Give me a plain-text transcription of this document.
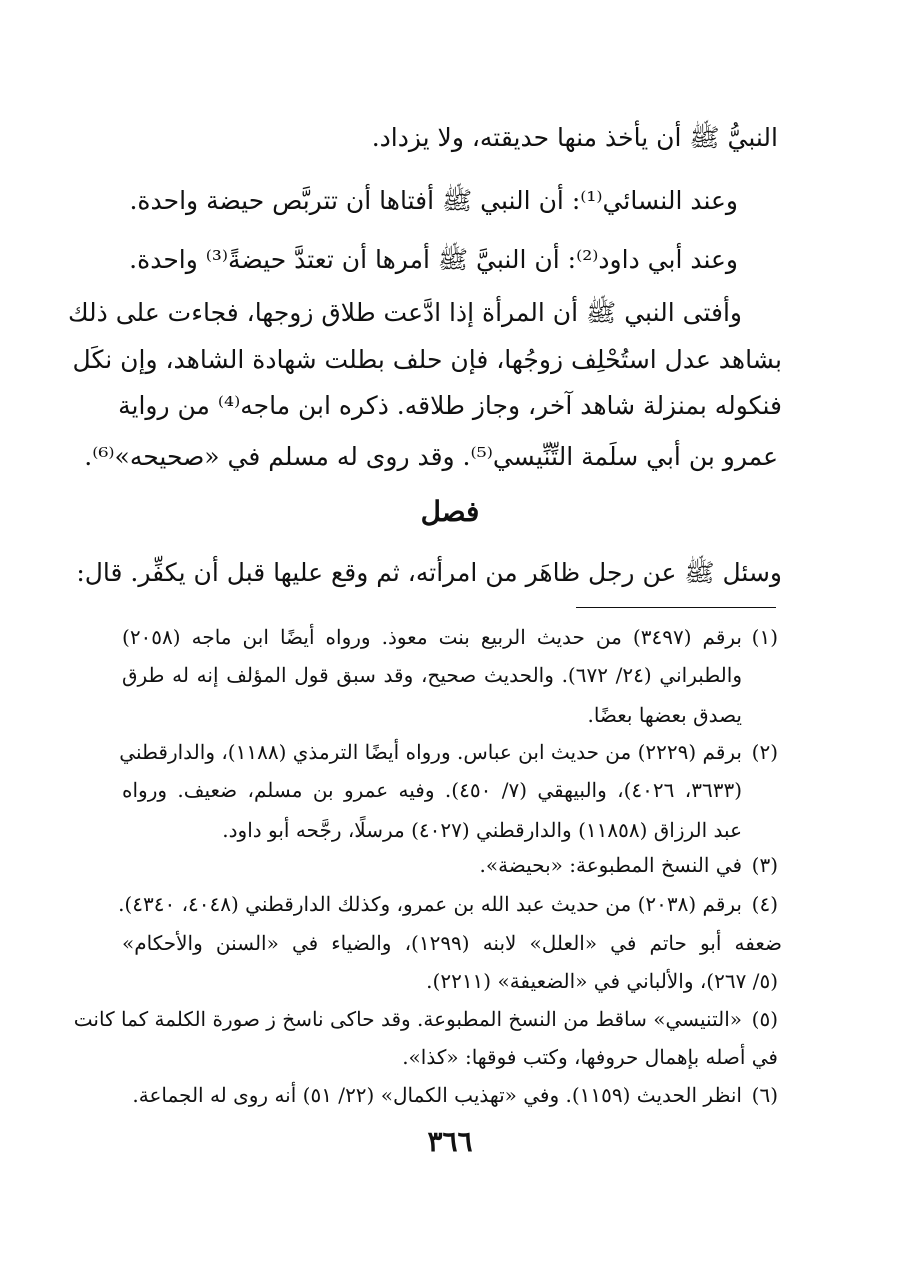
النبيُّ ﷺ أن يأخذ منها حديقته، ولا يزداد.
وعند النسائي⁽¹⁾: أن النبي ﷺ أفتاها أن تتربَّص حيضة واحدة.
وعند أبي داود⁽²⁾: أن النبيَّ ﷺ أمرها أن تعتدَّ حيضةً⁽³⁾ واحدة.
وأفتى النبي ﷺ أن المرأة إذا ادَّعت طلاق زوجها، فجاءت على ذلك
بشاهد عدل استُحْلِف زوجُها، فإن حلف بطلت شهادة الشاهد، وإن نكَل
فنكوله بمنزلة شاهد آخر، وجاز طلاقه. ذكره ابن ماجه⁽⁴⁾ من رواية
عمرو بن أبي سلَمة التِّنِّيسي⁽⁵⁾. وقد روى له مسلم في «صحيحه»⁽⁶⁾.
فصل
وسئل ﷺ عن رجل ظاهَر من امرأته، ثم وقع عليها قبل أن يكفِّر. قال:
(١)
برقم (٣٤٩٧) من حديث الربيع بنت معوذ. ورواه أيضًا ابن ماجه (٢٠٥٨)
والطبراني (٢٤/ ٦٧٢). والحديث صحيح، وقد سبق قول المؤلف إنه له طرق
يصدق بعضها بعضًا.
(٢)
برقم (٢٢٢٩) من حديث ابن عباس. ورواه أيضًا الترمذي (١١٨٨)، والدارقطني
(٣٦٣٣، ٤٠٢٦)، والبيهقي (٧/ ٤٥٠). وفيه عمرو بن مسلم، ضعيف. ورواه
عبد الرزاق (١١٨٥٨) والدارقطني (٤٠٢٧) مرسلًا، رجَّحه أبو داود.
(٣)
في النسخ المطبوعة: «بحيضة».
(٤)
برقم (٢٠٣٨) من حديث عبد الله بن عمرو، وكذلك الدارقطني (٤٠٤٨، ٤٣٤٠).
ضعفه أبو حاتم في «العلل» لابنه (١٢٩٩)، والضياء في «السنن والأحكام»
(٥/ ٢٦٧)، والألباني في «الضعيفة» (٢٢١١).
(٥)
«التنيسي» ساقط من النسخ المطبوعة. وقد حاكى ناسخ ز صورة الكلمة كما كانت
في أصله بإهمال حروفها، وكتب فوقها: «كذا».
(٦)
انظر الحديث (١١٥٩). وفي «تهذيب الكمال» (٢٢/ ٥١) أنه روى له الجماعة.
٣٦٦
